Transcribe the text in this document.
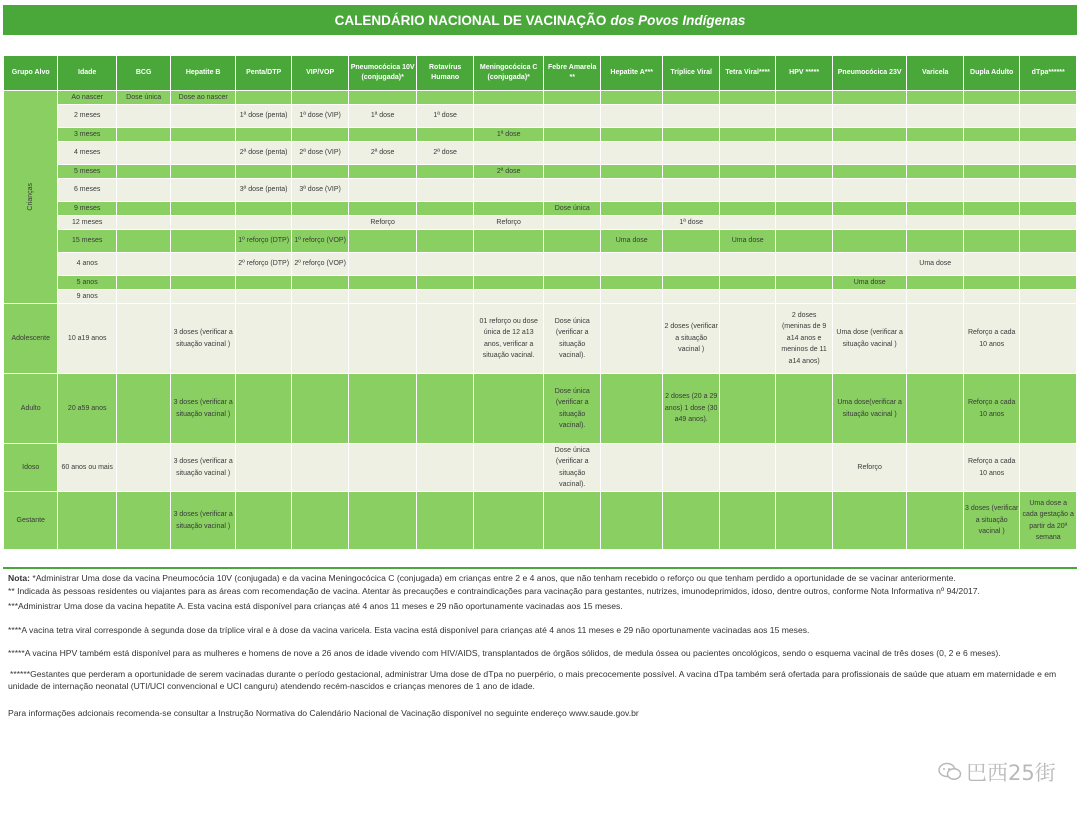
CALENDÁRIO NACIONAL DE VACINAÇÃO dos Povos Indígenas
Grupo Alvo	Idade	BCG	Hepatite B	Penta/DTP	VIP/VOP	Pneumocócica 10V (conjugada)*	Rotavírus Humano	Meningocócica C (conjugada)*	Febre Amarela **	Hepatite A***	Tríplice Viral	Tetra Viral****	HPV *****	Pneumocócica 23V	Varicela	Dupla Adulto	dTpa******
Crianças	Ao nascer	Dose única	Dose ao nascer														
	2 meses			1ª dose (penta)	1ª dose (VIP)	1ª dose	1ª dose										
	3 meses							1ª dose									
	4 meses			2ª dose (penta)	2ª dose (VIP)	2ª dose	2ª dose										
	5 meses							2ª dose									
	6 meses			3ª dose (penta)	3ª dose (VIP)												
	9 meses								Dose única								
	12 meses					Reforço		Reforço			1ª dose						
	15 meses			1º reforço (DTP)	1º reforço (VOP)					Uma dose		Uma dose					
	4 anos			2º reforço (DTP)	2º reforço (VOP)										Uma dose		
	5 anos													Uma dose			
	9 anos																
Adolescente	10 a19 anos		3 doses (verificar a situação vacinal )					01 reforço ou dose única de 12 a13 anos, verificar a situação vacinal.	Dose única (verificar a situação vacinal).		2 doses (verificar a situação vacinal )		2 doses (meninas de 9 a14 anos e meninos de 11 a14 anos)	Uma dose (verificar a situação vacinal )		Reforço a cada 10 anos	
Adulto	20 a59 anos		3 doses (verificar a situação vacinal )						Dose única (verificar a situação vacinal).		2 doses (20 a 29 anos) 1 dose (30 a49 anos).			Uma dose(verificar a situação vacinal )		Reforço a cada 10 anos	
Idoso	60 anos ou mais		3 doses (verificar a situação vacinal )						Dose única (verificar a situação vacinal).					Reforço		Reforço a cada 10 anos	
Gestante			3 doses (verificar a situação vacinal )													3 doses (verificar a situação vacinal )	Uma dose a cada gestação a partir da 20ª semana

Nota: *Administrar Uma dose da vacina Pneumocócia 10V (conjugada) e da vacina Meningocócica C (conjugada) em crianças entre 2 e 4 anos, que não tenham recebido o reforço ou que tenham perdido a oportunidade de se vacinar anteriormente.

** Indicada às pessoas residentes ou viajantes para as áreas com recomendação de vacina. Atentar às precauções e contraindicações para vacinação para gestantes, nutrizes, imunodeprimidos, idoso, dentre outros, conforme Nota Informativa nº 94/2017.

***Administrar Uma dose da vacina hepatite A. Esta vacina está disponível para crianças até 4 anos 11 meses e 29 não oportunamente vacinadas aos 15 meses.

****A vacina tetra viral corresponde à segunda dose da tríplice viral e à dose da vacina varicela. Esta vacina está disponível para crianças até 4 anos 11 meses e 29 não oportunamente vacinadas aos 15 meses.

*****A vacina HPV também está disponível para as mulheres e homens de nove a 26 anos de idade vivendo com HIV/AIDS, transplantados de órgãos sólidos, de medula óssea ou pacientes oncológicos, sendo o esquema vacinal de três doses (0, 2 e 6 meses).

******Gestantes que perderam a oportunidade de serem vacinadas durante o período gestacional, administrar Uma dose de dTpa no puerpério, o mais precocemente possível. A vacina dTpa também será ofertada para profissionais de saúde que atuam em maternidade e em unidade de internação neonatal (UTI/UCI convencional e UCI canguru) atendendo recém-nascidos e crianças menores de 1 ano de idade.

Para informações adcionais recomenda-se consultar a Instrução Normativa do Calendário Nacional de Vacinação disponível no seguinte endereço www.saude.gov.br

巴西25街
